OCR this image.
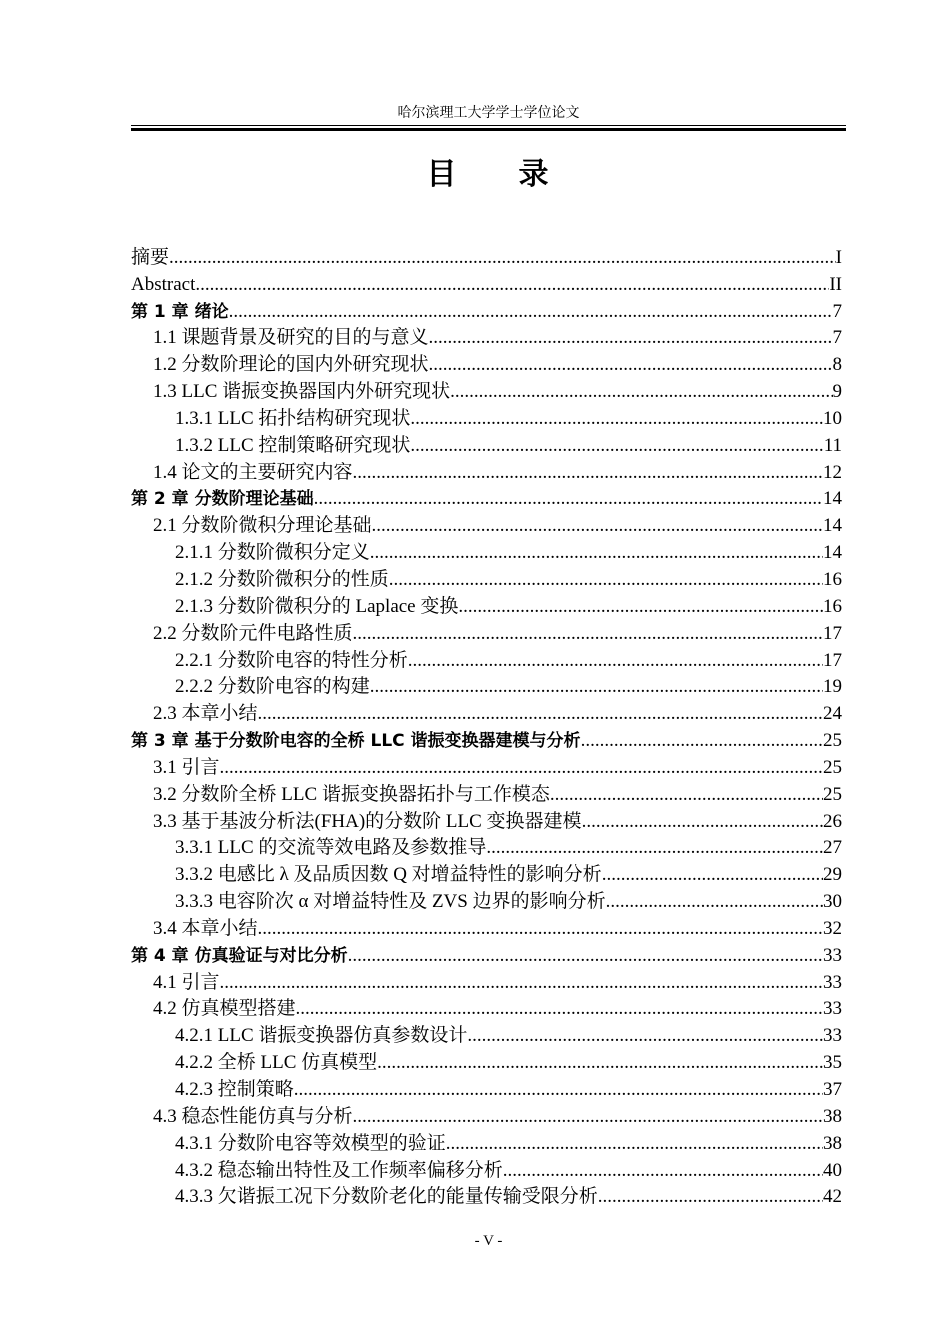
哈尔滨理工大学学士学位论文
目 录
摘要 .....	I
Abstract .....	II
第 1 章 绪论 .....	7
1.1 课题背景及研究的目的与意义 .....	7
1.2 分数阶理论的国内外研究现状 .....	8
1.3 LLC 谐振变换器国内外研究现状 .....	9
1.3.1 LLC 拓扑结构研究现状 .....	10
1.3.2 LLC 控制策略研究现状 .....	11
1.4 论文的主要研究内容 .....	12
第 2 章 分数阶理论基础 .....	14
2.1 分数阶微积分理论基础 .....	14
2.1.1 分数阶微积分定义 .....	14
2.1.2 分数阶微积分的性质 .....	16
2.1.3 分数阶微积分的 Laplace 变换 .....	16
2.2 分数阶元件电路性质 .....	17
2.2.1 分数阶电容的特性分析 .....	17
2.2.2 分数阶电容的构建 .....	19
2.3 本章小结 .....	24
第 3 章 基于分数阶电容的全桥 LLC 谐振变换器建模与分析 .....	25
3.1 引言 .....	25
3.2 分数阶全桥 LLC 谐振变换器拓扑与工作模态 .....	25
3.3 基于基波分析法(FHA)的分数阶 LLC 变换器建模 .....	26
3.3.1 LLC 的交流等效电路及参数推导 .....	27
3.3.2 电感比 λ 及品质因数 Q 对增益特性的影响分析 .....	29
3.3.3 电容阶次 α 对增益特性及 ZVS 边界的影响分析 .....	30
3.4 本章小结 .....	32
第 4 章 仿真验证与对比分析 .....	33
4.1 引言 .....	33
4.2 仿真模型搭建 .....	33
4.2.1 LLC 谐振变换器仿真参数设计 .....	33
4.2.2 全桥 LLC 仿真模型 .....	35
4.2.3 控制策略 .....	37
4.3 稳态性能仿真与分析 .....	38
4.3.1 分数阶电容等效模型的验证 .....	38
4.3.2 稳态输出特性及工作频率偏移分析 .....	40
4.3.3 欠谐振工况下分数阶老化的能量传输受限分析 .....	42
- V -
